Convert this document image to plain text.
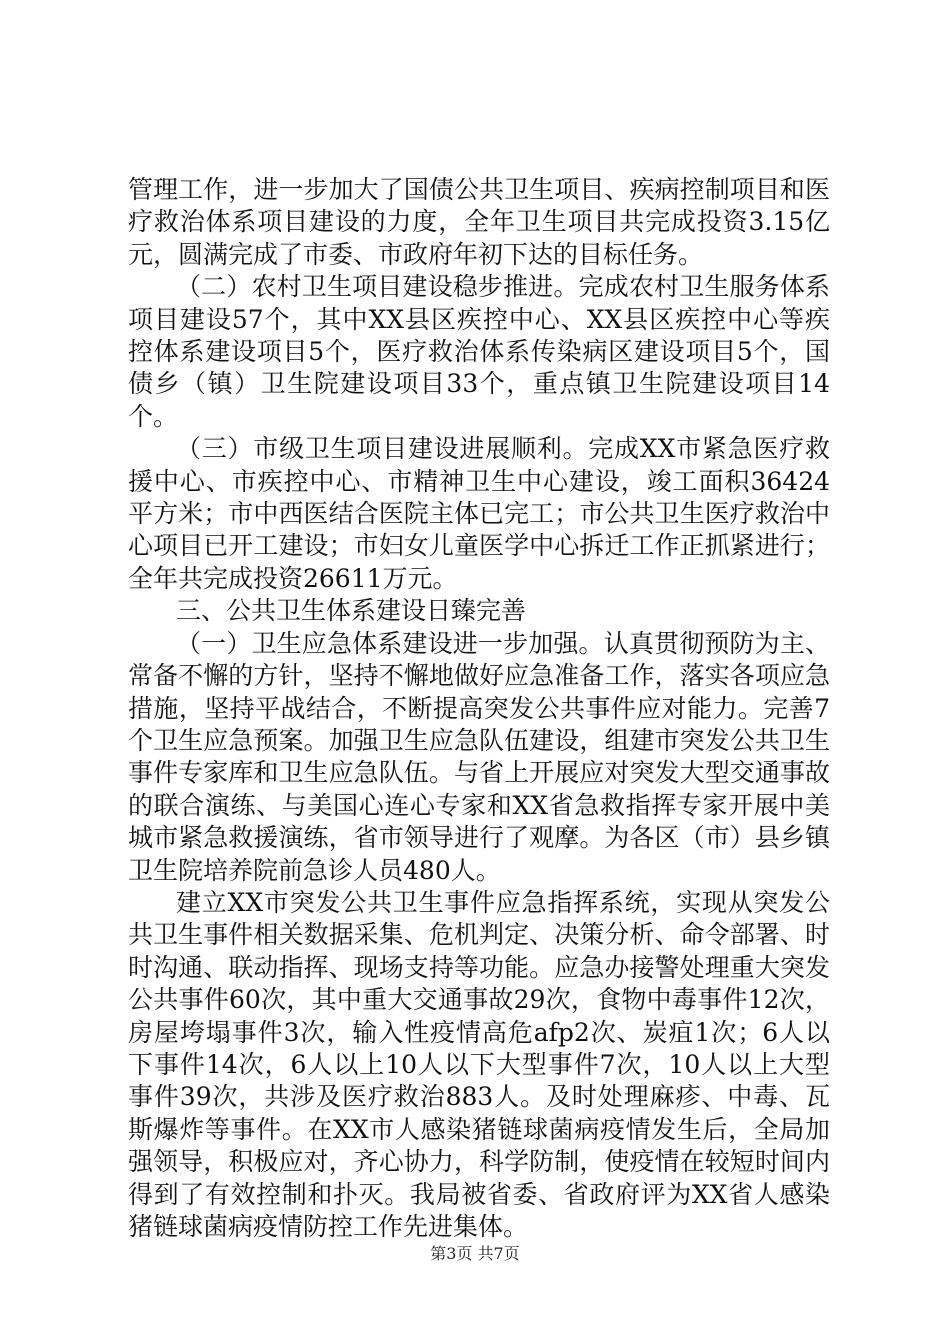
管理工作，进一步加大了国债公共卫生项目、疾病控制项目和医疗救治体系项目建设的力度，全年卫生项目共完成投资3.15亿元，圆满完成了市委、市政府年初下达的目标任务。

（二）农村卫生项目建设稳步推进。完成农村卫生服务体系项目建设57个，其中XX县区疾控中心、XX县区疾控中心等疾控体系建设项目5个，医疗救治体系传染病区建设项目5个，国债乡（镇）卫生院建设项目33个，重点镇卫生院建设项目14个。

（三）市级卫生项目建设进展顺利。完成XX市紧急医疗救援中心、市疾控中心、市精神卫生中心建设，竣工面积36424平方米；市中西医结合医院主体已完工；市公共卫生医疗救治中心项目已开工建设；市妇女儿童医学中心拆迁工作正抓紧进行；全年共完成投资26611万元。

三、公共卫生体系建设日臻完善

（一）卫生应急体系建设进一步加强。认真贯彻预防为主、常备不懈的方针，坚持不懈地做好应急准备工作，落实各项应急措施，坚持平战结合，不断提高突发公共事件应对能力。完善7个卫生应急预案。加强卫生应急队伍建设，组建市突发公共卫生事件专家库和卫生应急队伍。与省上开展应对突发大型交通事故的联合演练、与美国心连心专家和XX省急救指挥专家开展中美城市紧急救援演练，省市领导进行了观摩。为各区（市）县乡镇卫生院培养院前急诊人员480人。

建立XX市突发公共卫生事件应急指挥系统，实现从突发公共卫生事件相关数据采集、危机判定、决策分析、命令部署、时时沟通、联动指挥、现场支持等功能。应急办接警处理重大突发公共事件60次，其中重大交通事故29次，食物中毒事件12次，房屋垮塌事件3次，输入性疫情高危afp2次、炭疽1次；6人以下事件14次，6人以上10人以下大型事件7次，10人以上大型事件39次，共涉及医疗救治883人。及时处理麻疹、中毒、瓦斯爆炸等事件。在XX市人感染猪链球菌病疫情发生后，全局加强领导，积极应对，齐心协力，科学防制，使疫情在较短时间内得到了有效控制和扑灭。我局被省委、省政府评为XX省人感染猪链球菌病疫情防控工作先进集体。

第3页 共7页
